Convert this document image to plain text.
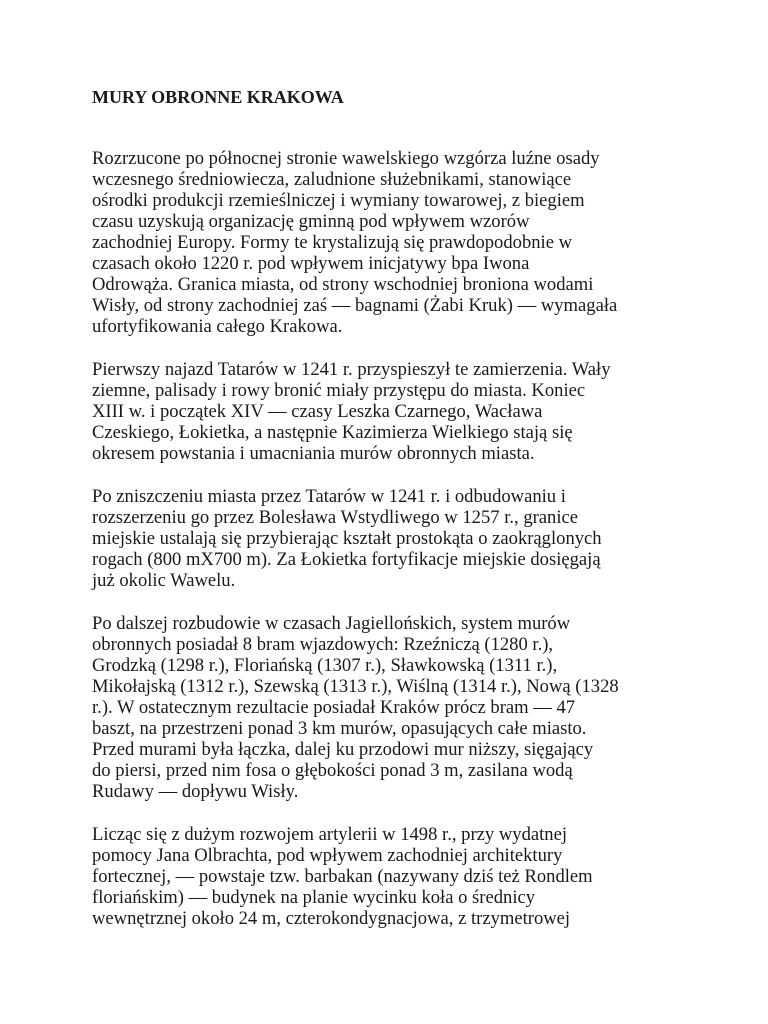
MURY OBRONNE KRAKOWA

Rozrzucone po północnej stronie wawelskiego wzgórza luźne osady
wczesnego średniowiecza, zaludnione służebnikami, stanowiące
ośrodki produkcji rzemieślniczej i wymiany towarowej, z biegiem
czasu uzyskują organizację gminną pod wpływem wzorów
zachodniej Europy. Formy te krystalizują się prawdopodobnie w
czasach około 1220 r. pod wpływem inicjatywy bpa Iwona
Odrowąża. Granica miasta, od strony wschodniej broniona wodami
Wisły, od strony zachodniej zaś — bagnami (Żabi Kruk) — wymagała
ufortyfikowania całego Krakowa.

Pierwszy najazd Tatarów w 1241 r. przyspieszył te zamierzenia. Wały
ziemne, palisady i rowy bronić miały przystępu do miasta. Koniec
XIII w. i początek XIV — czasy Leszka Czarnego, Wacława
Czeskiego, Łokietka, a następnie Kazimierza Wielkiego stają się
okresem powstania i umacniania murów obronnych miasta.

Po zniszczeniu miasta przez Tatarów w 1241 r. i odbudowaniu i
rozszerzeniu go przez Bolesława Wstydliwego w 1257 r., granice
miejskie ustalają się przybierając kształt prostokąta o zaokrąglonych
rogach (800 mX700 m). Za Łokietka fortyfikacje miejskie dosięgają
już okolic Wawelu.

Po dalszej rozbudowie w czasach Jagiellońskich, system murów
obronnych posiadał 8 bram wjazdowych: Rzeźniczą (1280 r.),
Grodzką (1298 r.), Floriańską (1307 r.), Sławkowską (1311 r.),
Mikołajską (1312 r.), Szewską (1313 r.), Wiślną (1314 r.), Nową (1328
r.). W ostatecznym rezultacie posiadał Kraków prócz bram — 47
baszt, na przestrzeni ponad 3 km murów, opasujących całe miasto.
Przed murami była łączka, dalej ku przodowi mur niższy, sięgający
do piersi, przed nim fosa o głębokości ponad 3 m, zasilana wodą
Rudawy — dopływu Wisły.

Licząc się z dużym rozwojem artylerii w 1498 r., przy wydatnej
pomocy Jana Olbrachta, pod wpływem zachodniej architektury
fortecznej, — powstaje tzw. barbakan (nazywany dziś też Rondlem
floriańskim) — budynek na planie wycinku koła o średnicy
wewnętrznej około 24 m, czterokondygnacjowa, z trzymetrowej
